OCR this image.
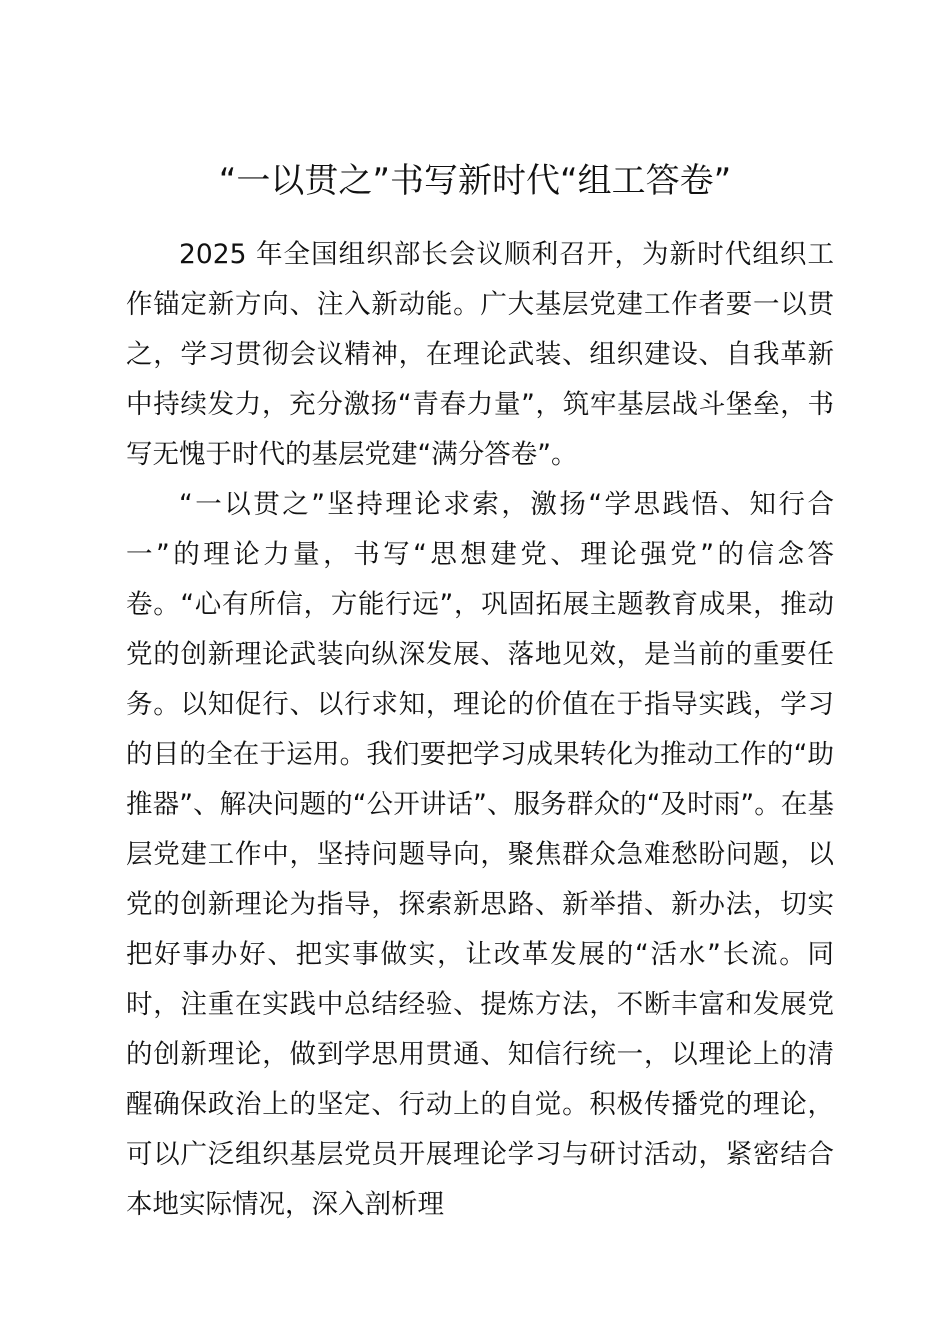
“一以贯之”书写新时代“组工答卷”

2025 年全国组织部长会议顺利召开，为新时代组织工作锚定新方向、注入新动能。广大基层党建工作者要一以贯之，学习贯彻会议精神，在理论武装、组织建设、自我革新中持续发力，充分激扬“青春力量”，筑牢基层战斗堡垒，书写无愧于时代的基层党建“满分答卷”。

“一以贯之”坚持理论求索，激扬“学思践悟、知行合一”的理论力量，书写“思想建党、理论强党”的信念答卷。“心有所信，方能行远”，巩固拓展主题教育成果，推动党的创新理论武装向纵深发展、落地见效，是当前的重要任务。以知促行、以行求知，理论的价值在于指导实践，学习的目的全在于运用。我们要把学习成果转化为推动工作的“助推器”、解决问题的“公开讲话”、服务群众的“及时雨”。在基层党建工作中，坚持问题导向，聚焦群众急难愁盼问题，以党的创新理论为指导，探索新思路、新举措、新办法，切实把好事办好、把实事做实，让改革发展的“活水”长流。同时，注重在实践中总结经验、提炼方法，不断丰富和发展党的创新理论，做到学思用贯通、知信行统一，以理论上的清醒确保政治上的坚定、行动上的自觉。积极传播党的理论，可以广泛组织基层党员开展理论学习与研讨活动，紧密结合本地实际情况，深入剖析理
